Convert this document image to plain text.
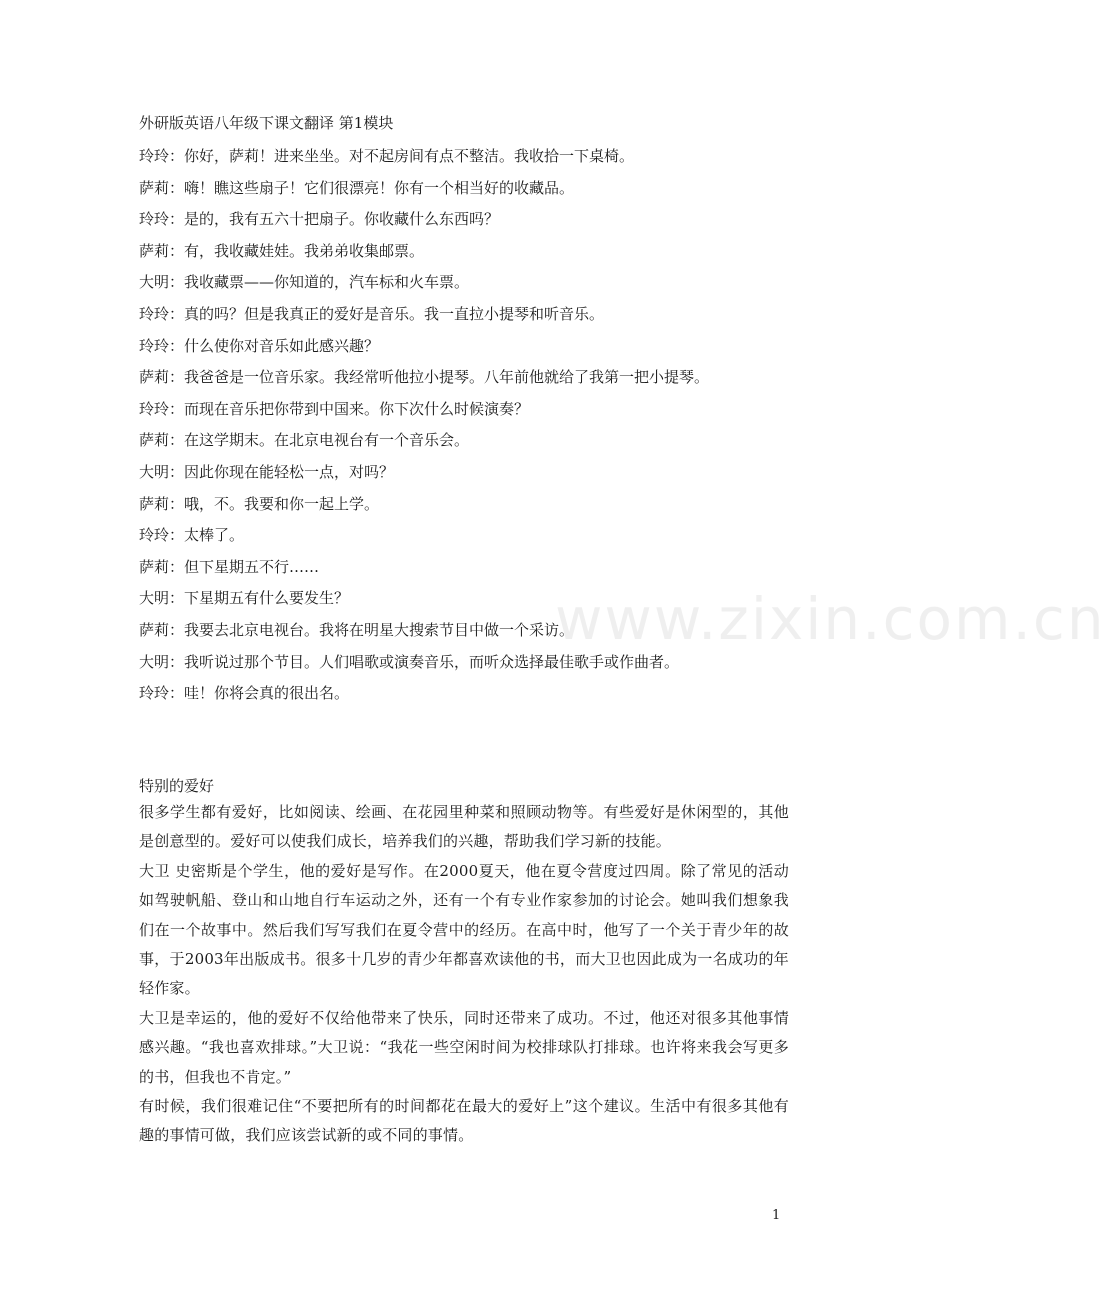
外研版英语八年级下课文翻译 第1模块
玲玲：你好，萨莉！进来坐坐。对不起房间有点不整洁。我收拾一下桌椅。
萨莉：嗨！瞧这些扇子！它们很漂亮！你有一个相当好的收藏品。
玲玲：是的，我有五六十把扇子。你收藏什么东西吗？
萨莉：有，我收藏娃娃。我弟弟收集邮票。
大明：我收藏票——你知道的，汽车标和火车票。
玲玲：真的吗？但是我真正的爱好是音乐。我一直拉小提琴和听音乐。
玲玲：什么使你对音乐如此感兴趣？
萨莉：我爸爸是一位音乐家。我经常听他拉小提琴。八年前他就给了我第一把小提琴。
玲玲：而现在音乐把你带到中国来。你下次什么时候演奏？
萨莉：在这学期末。在北京电视台有一个音乐会。
大明：因此你现在能轻松一点，对吗？
萨莉：哦，不。我要和你一起上学。
玲玲：太棒了。
萨莉：但下星期五不行……
大明：下星期五有什么要发生？
萨莉：我要去北京电视台。我将在明星大搜索节目中做一个采访。
大明：我听说过那个节目。人们唱歌或演奏音乐，而听众选择最佳歌手或作曲者。
玲玲：哇！你将会真的很出名。
www.zixin.com.cn
特别的爱好

很多学生都有爱好，比如阅读、绘画、在花园里种菜和照顾动物等。有些爱好是休闲型的，其他是创意型的。爱好可以使我们成长，培养我们的兴趣，帮助我们学习新的技能。

大卫 史密斯是个学生，他的爱好是写作。在2000夏天，他在夏令营度过四周。除了常见的活动如驾驶帆船、登山和山地自行车运动之外，还有一个有专业作家参加的讨论会。她叫我们想象我们在一个故事中。然后我们写写我们在夏令营中的经历。在高中时，他写了一个关于青少年的故事，于2003年出版成书。很多十几岁的青少年都喜欢读他的书，而大卫也因此成为一名成功的年轻作家。

大卫是幸运的，他的爱好不仅给他带来了快乐，同时还带来了成功。不过，他还对很多其他事情感兴趣。“我也喜欢排球。”大卫说：“我花一些空闲时间为校排球队打排球。也许将来我会写更多的书，但我也不肯定。”

有时候，我们很难记住“不要把所有的时间都花在最大的爱好上”这个建议。生活中有很多其他有趣的事情可做，我们应该尝试新的或不同的事情。

1
